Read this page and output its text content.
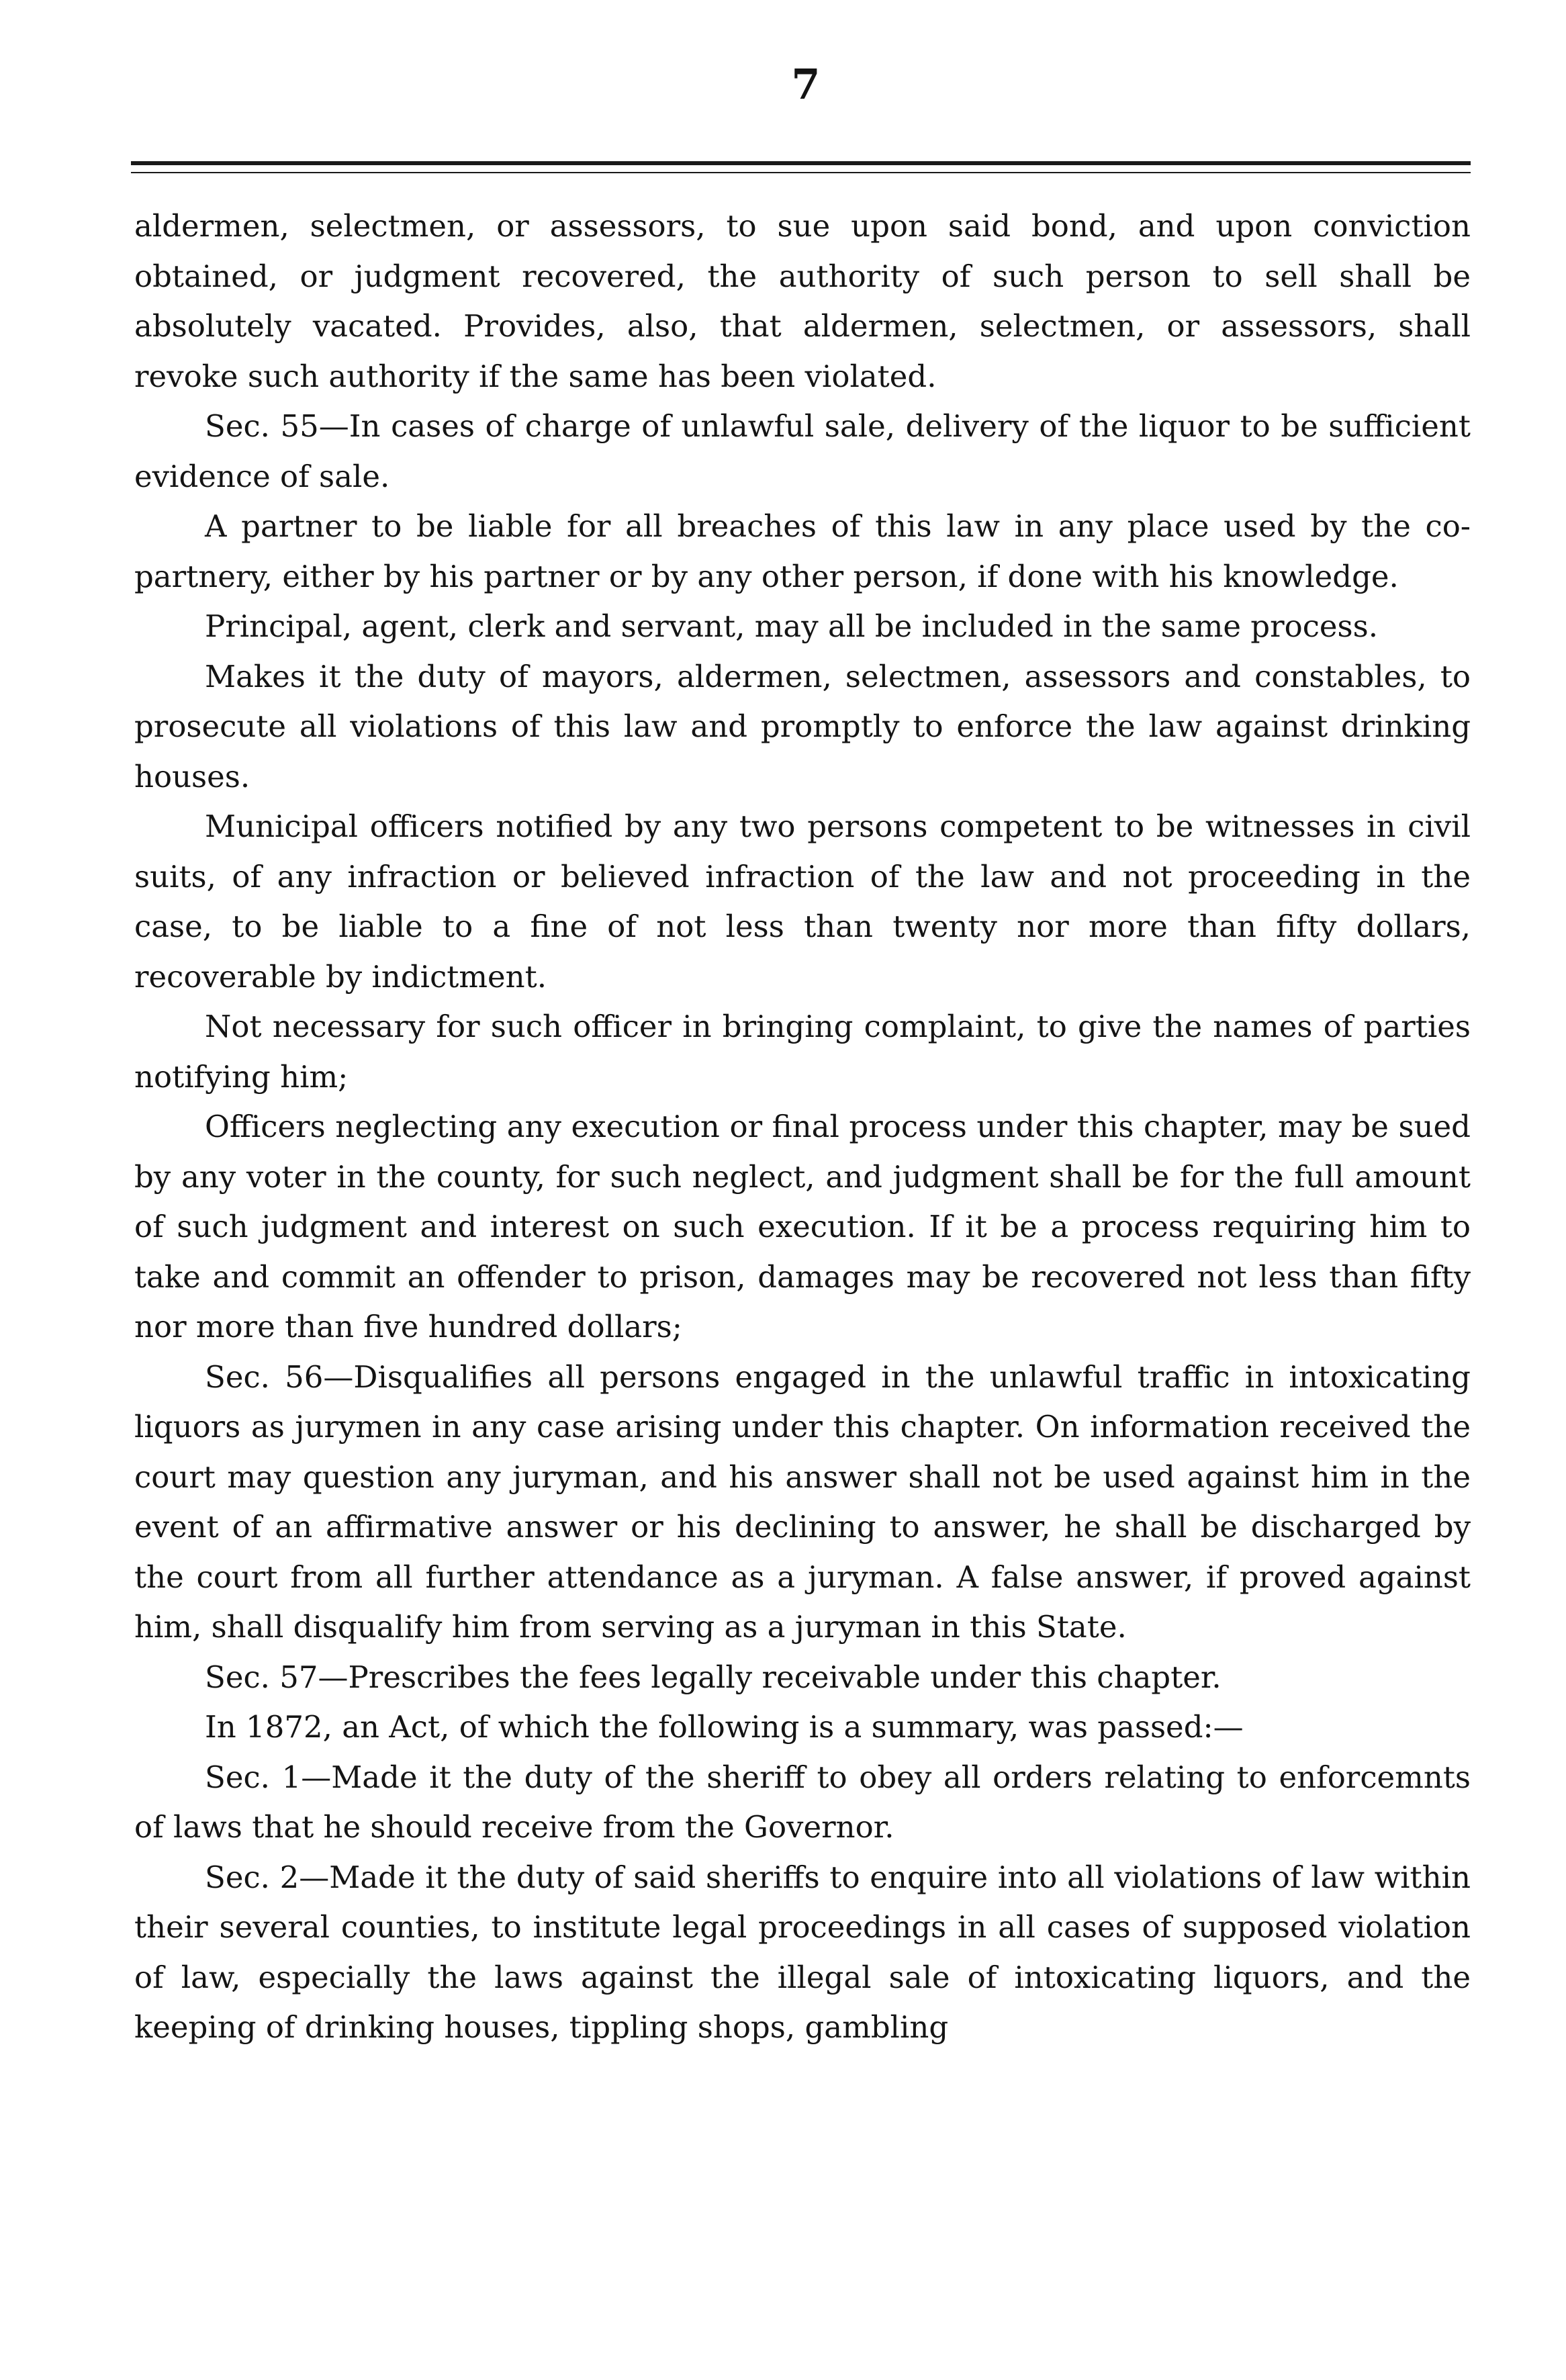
7

aldermen, selectmen, or assessors, to sue upon said bond, and upon conviction obtained, or judgment recovered, the authority of such person to sell shall be absolutely vacated. Provides, also, that aldermen, selectmen, or assessors, shall revoke such authority if the same has been violated.

Sec. 55—In cases of charge of unlawful sale, delivery of the liquor to be sufficient evidence of sale.

A partner to be liable for all breaches of this law in any place used by the co-partnery, either by his partner or by any other person, if done with his knowledge.

Principal, agent, clerk and servant, may all be included in the same process.

Makes it the duty of mayors, aldermen, selectmen, assessors and constables, to prosecute all violations of this law and promptly to enforce the law against drinking houses.

Municipal officers notified by any two persons competent to be witnesses in civil suits, of any infraction or believed infraction of the law and not proceeding in the case, to be liable to a fine of not less than twenty nor more than fifty dollars, recoverable by indictment.

Not necessary for such officer in bringing complaint, to give the names of parties notifying him;

Officers neglecting any execution or final process under this chapter, may be sued by any voter in the county, for such neglect, and judgment shall be for the full amount of such judgment and interest on such execution. If it be a process requiring him to take and commit an offender to prison, damages may be recovered not less than fifty nor more than five hundred dollars;

Sec. 56—Disqualifies all persons engaged in the unlawful traffic in intoxicating liquors as jurymen in any case arising under this chapter. On information received the court may question any juryman, and his answer shall not be used against him in the event of an affirmative answer or his declining to answer, he shall be discharged by the court from all further attendance as a juryman. A false answer, if proved against him, shall disqualify him from serving as a juryman in this State.

Sec. 57—Prescribes the fees legally receivable under this chapter.

In 1872, an Act, of which the following is a summary, was passed:—

Sec. 1—Made it the duty of the sheriff to obey all orders relating to enforcemnts of laws that he should receive from the Governor.

Sec. 2—Made it the duty of said sheriffs to enquire into all violations of law within their several counties, to institute legal proceedings in all cases of supposed violation of law, especially the laws against the illegal sale of intoxicating liquors, and the keeping of drinking houses, tippling shops, gambling
